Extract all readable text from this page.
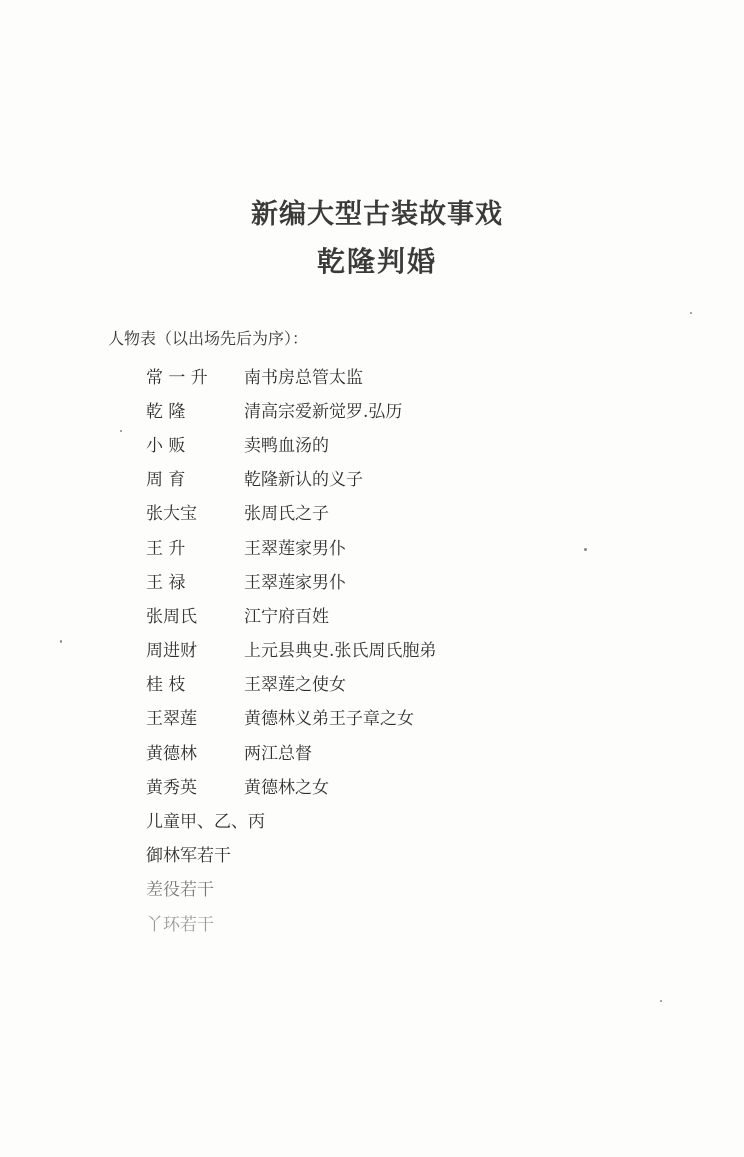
新编大型古装故事戏
乾隆判婚
人物表（以出场先后为序）：
常 一 升	南书房总管太监
乾 隆	清高宗爱新觉罗.弘历
小 贩	卖鸭血汤的
周 育	乾隆新认的义子
张大宝	张周氏之子
王 升	王翠莲家男仆
王 禄	王翠莲家男仆
张周氏	江宁府百姓
周进财	上元县典史.张氏周氏胞弟
桂 枝	王翠莲之使女
王翠莲	黄德林义弟王子章之女
黄德林	两江总督
黄秀英	黄德林之女
儿童甲、乙、丙
御林军若干
差役若干
丫环若干
